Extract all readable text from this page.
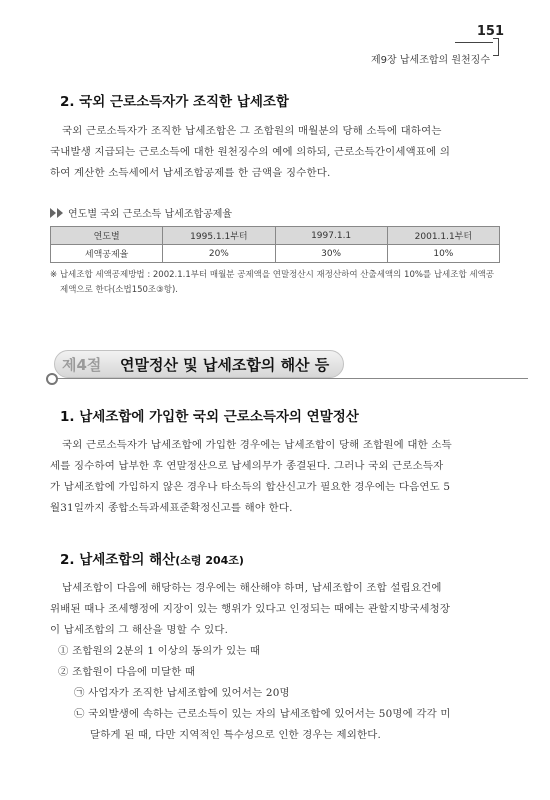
151
제9장 납세조합의 원천징수
2. 국외 근로소득자가 조직한 납세조합
국외 근로소득자가 조직한 납세조합은 그 조합원의 매월분의 당해 소득에 대하여는
국내발생 지급되는 근로소득에 대한 원천징수의 예에 의하되, 근로소득간이세액표에 의
하여 계산한 소득세에서 납세조합공제를 한 금액을 징수한다.
연도별 국외 근로소득 납세조합공제율
연도별	1995.1.1부터	1997.1.1	2001.1.1부터
세액공제율	20%	30%	10%
※ 납세조합 세액공제방법 : 2002.1.1부터 매월분 공제액을 연말정산시 재정산하여 산출세액의 10%를 납세조합 세액공
제액으로 한다(소법150조③항).
제4절 연말정산 및 납세조합의 해산 등
1. 납세조합에 가입한 국외 근로소득자의 연말정산
국외 근로소득자가 납세조합에 가입한 경우에는 납세조합이 당해 조합원에 대한 소득
세를 징수하여 납부한 후 연말정산으로 납세의무가 종결된다. 그러나 국외 근로소득자
가 납세조합에 가입하지 않은 경우나 타소득의 합산신고가 필요한 경우에는 다음연도 5
월31일까지 종합소득과세표준확정신고를 해야 한다.
2. 납세조합의 해산(소령 204조)
납세조합이 다음에 해당하는 경우에는 해산해야 하며, 납세조합이 조합 설립요건에
위배된 때나 조세행정에 지장이 있는 행위가 있다고 인정되는 때에는 관할지방국세청장
이 납세조합의 그 해산을 명할 수 있다.
① 조합원의 2분의 1 이상의 동의가 있는 때
② 조합원이 다음에 미달한 때
㉠ 사업자가 조직한 납세조합에 있어서는 20명
㉡ 국외발생에 속하는 근로소득이 있는 자의 납세조합에 있어서는 50명에 각각 미
달하게 된 때, 다만 지역적인 특수성으로 인한 경우는 제외한다.
